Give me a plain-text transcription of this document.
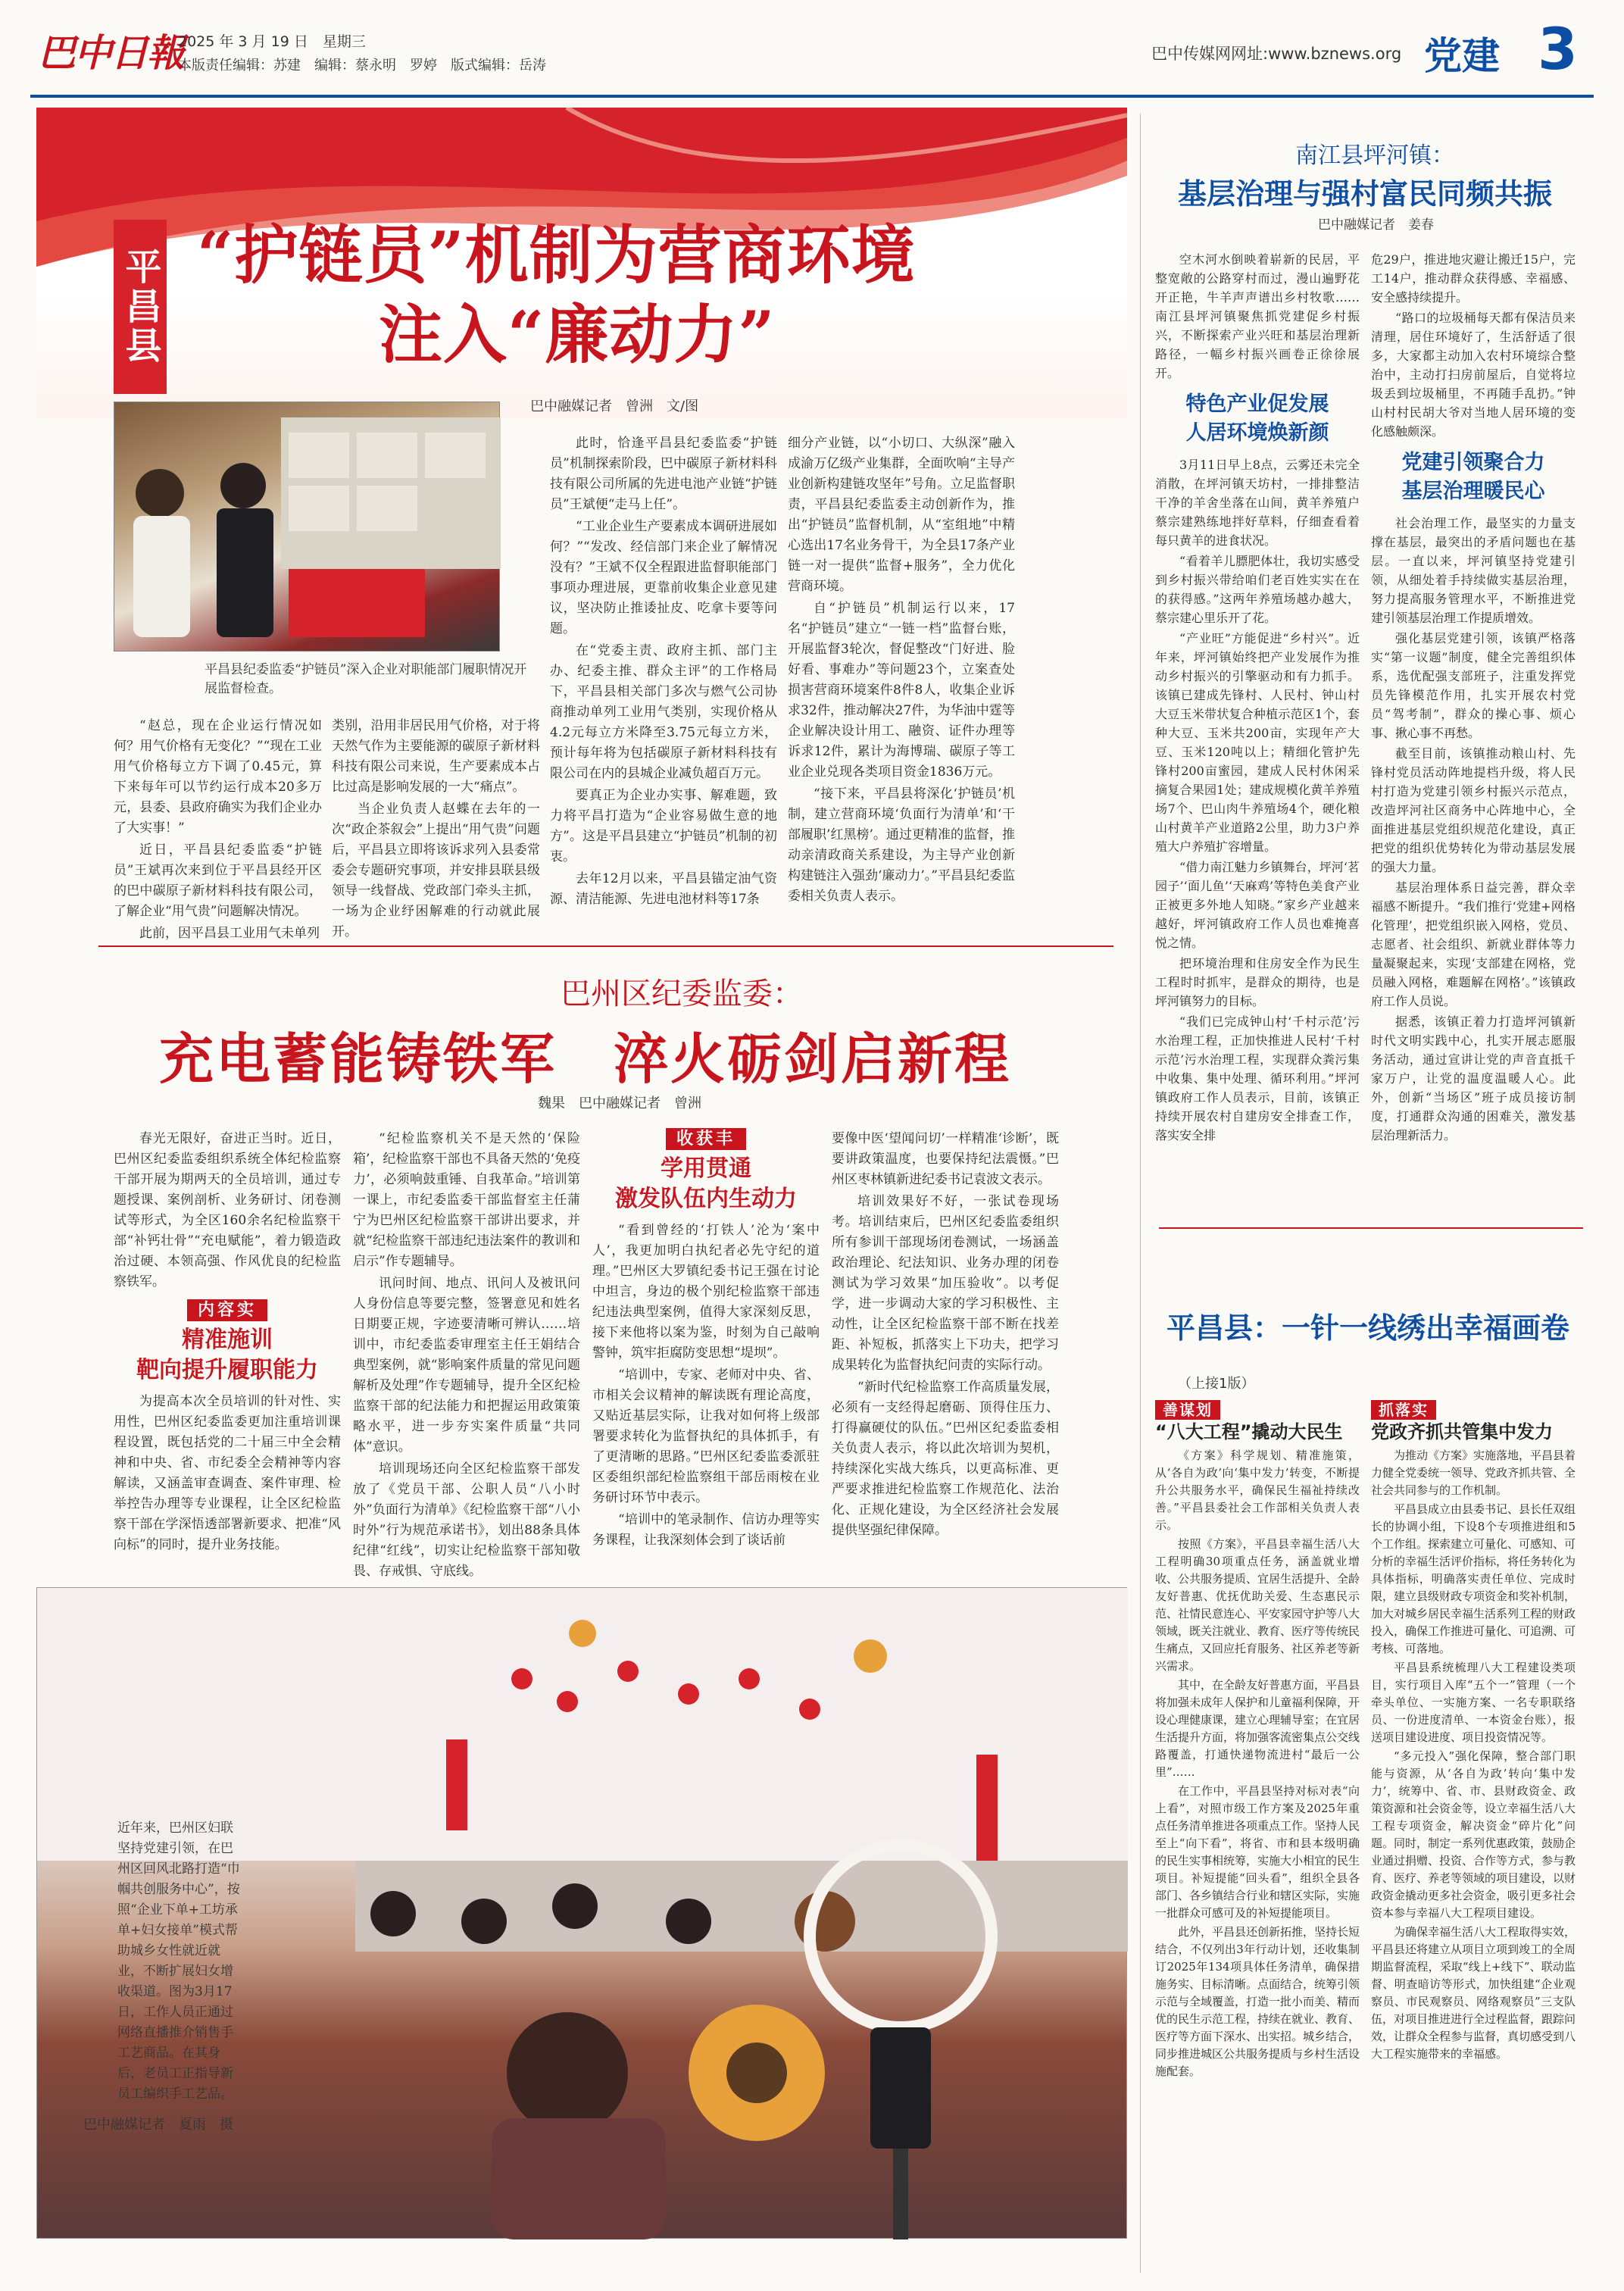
巴中日報
2025 年 3 月 19 日　星期三
本版责任编辑：苏建　编辑：蔡永明　罗婷　版式编辑：岳涛
巴中传媒网网址:www.bznews.org 党建 3
平昌县 “护链员”机制为营商环境
注入“廉动力”
巴中融媒记者　曾洲　文/图
平昌县纪委监委“护链员”深入企业对职能部门履职情况开展监督检查。

“赵总，现在企业运行情况如何？用气价格有无变化？”“现在工业用气价格每立方下调了0.45元，算下来每年可以节约运行成本20多万元，县委、县政府确实为我们企业办了大实事！”

近日，平昌县纪委监委“护链员”王斌再次来到位于平昌县经开区的巴中碳原子新材料科技有限公司，了解企业“用气贵”问题解决情况。

此前，因平昌县工业用气未单列

类别，沿用非居民用气价格，对于将天然气作为主要能源的碳原子新材料科技有限公司来说，生产要素成本占比过高是影响发展的一大“痛点”。

当企业负责人赵蝶在去年的一次“政企茶叙会”上提出“用气贵”问题后，平昌县立即将该诉求列入县委常委会专题研究事项，并安排县联县级领导一线督战、党政部门牵头主抓，一场为企业纾困解难的行动就此展开。

此时，恰逢平昌县纪委监委“护链员”机制探索阶段，巴中碳原子新材料科技有限公司所属的先进电池产业链“护链员”王斌便“走马上任”。

“工业企业生产要素成本调研进展如何？”“发改、经信部门来企业了解情况没有？”王斌不仅全程跟进监督职能部门事项办理进展，更靠前收集企业意见建议，坚决防止推诿扯皮、吃拿卡要等问题。

在“党委主责、政府主抓、部门主办、纪委主推、群众主评”的工作格局下，平昌县相关部门多次与燃气公司协商推动单列工业用气类别，实现价格从4.2元每立方米降至3.75元每立方米，预计每年将为包括碳原子新材料科技有限公司在内的县城企业减负超百万元。

要真正为企业办实事、解难题，致力将平昌打造为“企业容易做生意的地方”。这是平昌县建立“护链员”机制的初衷。

去年12月以来，平昌县锚定油气资源、清洁能源、先进电池材料等17条

细分产业链，以“小切口、大纵深”融入成渝万亿级产业集群，全面吹响“主导产业创新构建链攻坚年”号角。立足监督职责，平昌县纪委监委主动创新作为，推出“护链员”监督机制，从“室组地”中精心选出17名业务骨干，为全县17条产业链一对一提供“监督+服务”，全力优化营商环境。

自“护链员”机制运行以来，17名“护链员”建立“一链一档”监督台账，开展监督3轮次，督促整改“门好进、脸好看、事难办”等问题23个，立案查处损害营商环境案件8件8人，收集企业诉求32件，推动解决27件，为华油中霆等企业解决设计用工、融资、证件办理等诉求12件，累计为海博瑞、碳原子等工业企业兑现各类项目资金1836万元。

“接下来，平昌县将深化‘护链员’机制，建立营商环境‘负面行为清单’和‘干部履职’红黑榜’。通过更精准的监督，推动亲清政商关系建设，为主导产业创新构建链注入强劲‘廉动力’。”平昌县纪委监委相关负责人表示。

巴州区纪委监委：
充电蓄能铸铁军　淬火砺剑启新程
魏果　巴中融媒记者　曾洲

春光无限好，奋进正当时。近日，巴州区纪委监委组织系统全体纪检监察干部开展为期两天的全员培训，通过专题授课、案例剖析、业务研讨、闭卷测试等形式，为全区160余名纪检监察干部“补钙壮骨”“充电赋能”，着力锻造政治过硬、本领高强、作风优良的纪检监察铁军。

内容实
精准施训
靶向提升履职能力

为提高本次全员培训的针对性、实用性，巴州区纪委监委更加注重培训课程设置，既包括党的二十届三中全会精神和中央、省、市纪委全会精神等内容解读，又涵盖审查调查、案件审理、检举控告办理等专业课程，让全区纪检监察干部在学深悟透部署新要求、把准“风向标”的同时，提升业务技能。

“纪检监察机关不是天然的‘保险箱’，纪检监察干部也不具备天然的‘免疫力’，必须响鼓重锤、自我革命。”培训第一课上，市纪委监委干部监督室主任蒲宁为巴州区纪检监察干部讲出要求，并就“纪检监察干部违纪违法案件的教训和启示”作专题辅导。

讯问时间、地点、讯问人及被讯问人身份信息等要完整，签署意见和姓名日期要正规，字迹要清晰可辨认……培训中，市纪委监委审理室主任王娟结合典型案例，就“影响案件质量的常见问题解析及处理”作专题辅导，提升全区纪检监察干部的纪法能力和把握运用政策策略水平，进一步夯实案件质量“共同体”意识。

培训现场还向全区纪检监察干部发放了《党员干部、公职人员“八小时外”负面行为清单》《纪检监察干部“八小时外”行为规范承诺书》，划出88条具体纪律“红线”，切实让纪检监察干部知敬畏、存戒惧、守底线。

收获丰
学用贯通
激发队伍内生动力

“看到曾经的‘打铁人’沦为‘案中人’，我更加明白执纪者必先守纪的道理。”巴州区大罗镇纪委书记王强在讨论中坦言，身边的极个别纪检监察干部违纪违法典型案例，值得大家深刻反思，接下来他将以案为鉴，时刻为自己敲响警钟，筑牢拒腐防变思想“堤坝”。

“培训中，专家、老师对中央、省、市相关会议精神的解读既有理论高度，又贴近基层实际，让我对如何将上级部署要求转化为监督执纪的具体抓手，有了更清晰的思路。”巴州区纪委监委派驻区委组织部纪检监察组干部岳雨桉在业务研讨环节中表示。

“培训中的笔录制作、信访办理等实务课程，让我深刻体会到了谈话前

要像中医‘望闻问切’一样精准‘诊断’，既要讲政策温度，也要保持纪法震慑。”巴州区枣林镇新进纪委书记袁波文表示。

培训效果好不好，一张试卷现场考。培训结束后，巴州区纪委监委组织所有参训干部现场闭卷测试，一场涵盖政治理论、纪法知识、业务办理的闭卷测试为学习效果“加压验收”。以考促学，进一步调动大家的学习积极性、主动性，让全区纪检监察干部不断在找差距、补短板，抓落实上下功夫，把学习成果转化为监督执纪问责的实际行动。

“新时代纪检监察工作高质量发展，必须有一支经得起磨砺、顶得住压力、打得赢硬仗的队伍。”巴州区纪委监委相关负责人表示，将以此次培训为契机，持续深化实战大练兵，以更高标准、更严要求推进纪检监察工作规范化、法治化、正规化建设，为全区经济社会发展提供坚强纪律保障。

近年来，巴州区妇联坚持党建引领，在巴州区回风北路打造“巾帼共创服务中心”，按照“企业下单+工坊承单+妇女接单”模式帮助城乡女性就近就业，不断扩展妇女增收渠道。图为3月17日，工作人员正通过网络直播推介销售手工艺商品。在其身后，老员工正指导新员工编织手工艺品。
巴中融媒记者　夏雨　摄
南江县坪河镇：
基层治理与强村富民同频共振
巴中融媒记者　姜春

空木河水倒映着崭新的民居，平整宽敞的公路穿村而过，漫山遍野花开正艳，牛羊声声谱出乡村牧歌……南江县坪河镇聚焦抓党建促乡村振兴，不断探索产业兴旺和基层治理新路径，一幅乡村振兴画卷正徐徐展开。

特色产业促发展
人居环境焕新颜

3月11日早上8点，云雾还未完全消散，在坪河镇天坊村，一排排整洁干净的羊舍坐落在山间，黄羊养殖户蔡宗建熟练地拌好草料，仔细查看着每只黄羊的进食状况。

“看着羊儿膘肥体壮，我切实感受到乡村振兴带给咱们老百姓实实在在的获得感。”这两年养殖场越办越大，蔡宗建心里乐开了花。

“产业旺”方能促进“乡村兴”。近年来，坪河镇始终把产业发展作为推动乡村振兴的引擎驱动和有力抓手。该镇已建成先锋村、人民村、钟山村大豆玉米带状复合种植示范区1个，套种大豆、玉米共200亩，实现年产大豆、玉米120吨以上；精细化管护先锋村200亩蜜园，建成人民村休闲采摘复合果园1处；建成规模化黄羊养殖场7个、巴山肉牛养殖场4个，硬化粮山村黄羊产业道路2公里，助力3户养殖大户养殖扩容增量。

“借力南江魅力乡镇舞台，坪河‘茗园子’‘面儿鱼’‘天麻鸡’等特色美食产业正被更多外地人知晓。”家乡产业越来越好，坪河镇政府工作人员也难掩喜悦之情。

把环境治理和住房安全作为民生工程时时抓牢，是群众的期待，也是坪河镇努力的目标。

“我们已完成钟山村‘千村示范’污水治理工程，正加快推进人民村‘千村示范’污水治理工程，实现群众粪污集中收集、集中处理、循环利用。”坪河镇政府工作人员表示，目前，该镇正持续开展农村自建房安全排查工作，落实安全排

危29户，推进地灾避让搬迁15户，完工14户，推动群众获得感、幸福感、安全感持续提升。

“路口的垃圾桶每天都有保洁员来清理，居住环境好了，生活舒适了很多，大家都主动加入农村环境综合整治中，主动打扫房前屋后，自觉将垃圾丢到垃圾桶里，不再随手乱扔。”钟山村村民胡大爷对当地人居环境的变化感触颇深。

党建引领聚合力
基层治理暖民心

社会治理工作，最坚实的力量支撑在基层，最突出的矛盾问题也在基层。一直以来，坪河镇坚持党建引领，从细处着手持续做实基层治理，努力提高服务管理水平，不断推进党建引领基层治理工作提质增效。

强化基层党建引领，该镇严格落实“第一议题”制度，健全完善组织体系，选优配强支部班子，注重发挥党员先锋模范作用，扎实开展农村党员“驾考制”，群众的操心事、烦心事、揪心事不再愁。

截至目前，该镇推动粮山村、先锋村党员活动阵地提档升级，将人民村打造为党建引领乡村振兴示范点，改造坪河社区商务中心阵地中心，全面推进基层党组织规范化建设，真正把党的组织优势转化为带动基层发展的强大力量。

基层治理体系日益完善，群众幸福感不断提升。“我们推行‘党建+网格化管理’，把党组织嵌入网格，党员、志愿者、社会组织、新就业群体等力量凝聚起来，实现‘支部建在网格，党员融入网格，难题解在网格’。”该镇政府工作人员说。

据悉，该镇正着力打造坪河镇新时代文明实践中心，扎实开展志愿服务活动，通过宣讲让党的声音直抵千家万户，让党的温度温暖人心。此外，创新“当场区”班子成员接访制度，打通群众沟通的困难关，激发基层治理新活力。

平昌县：一针一线绣出幸福画卷
（上接1版）
善谋划
“八大工程”撬动大民生

《方案》科学规划、精准施策，从‘各自为政’向‘集中发力’转变，不断提升公共服务水平，确保民生福祉持续改善。”平昌县委社会工作部相关负责人表示。

按照《方案》，平昌县幸福生活八大工程明确30项重点任务，涵盖就业增收、公共服务提质、宜居生活提升、全龄友好普惠、优抚优助关爱、生态惠民示范、社情民意连心、平安家园守护等八大领域，既关注就业、教育、医疗等传统民生痛点，又回应托育服务、社区养老等新兴需求。

其中，在全龄友好普惠方面，平昌县将加强未成年人保护和儿童福利保障，开设心理健康课，建立心理辅导室；在宜居生活提升方面，将加强客流密集点公交线路覆盖，打通快递物流进村“最后一公里”……

在工作中，平昌县坚持对标对表“向上看”，对照市级工作方案及2025年重点任务清单推进各项重点工作。坚持人民至上“向下看”，将省、市和县本级明确的民生实事相统筹，实施大小相宜的民生项目。补短提能“回头看”，组织全县各部门、各乡镇结合行业和辖区实际，实施一批群众可感可及的补短提能项目。

此外，平昌县还创新拓推，坚持长短结合，不仅列出3年行动计划，还收集制订2025年134项具体任务清单，确保措施务实、目标清晰。点面结合，统筹引领示范与全域覆盖，打造一批小而美、精而优的民生示范工程，持续在就业、教育、医疗等方面下深水、出实招。城乡结合，同步推进城区公共服务提质与乡村生活设施配套。

抓落实
党政齐抓共管集中发力

为推动《方案》实施落地，平昌县着力健全党委统一领导、党政齐抓共管、全社会共同参与的工作机制。

平昌县成立由县委书记、县长任双组长的协调小组，下设8个专项推进组和5个工作组。探索建立可量化、可感知、可分析的幸福生活评价指标，将任务转化为具体指标，明确落实责任单位、完成时限，建立县级财政专项资金和奖补机制，加大对城乡居民幸福生活系列工程的财政投入，确保工作推进可量化、可追溯、可考核、可落地。

平昌县系统梳理八大工程建设类项目，实行项目入库“五个一”管理（一个牵头单位、一实施方案、一名专职联络员、一份进度清单、一本资金台账），报送项目建设进度、项目投资情况等。

“多元投入”强化保障，整合部门职能与资源，从‘各自为政’转向‘集中发力’，统筹中、省、市、县财政资金、政策资源和社会资金等，设立幸福生活八大工程专项资金，解决资金“碎片化”问题。同时，制定一系列优惠政策，鼓励企业通过捐赠、投资、合作等方式，参与教育、医疗、养老等领域的项目建设，以财政资金撬动更多社会资金，吸引更多社会资本参与幸福八大工程项目建设。

为确保幸福生活八大工程取得实效，平昌县还将建立从项目立项到竣工的全周期监督流程，采取“线上+线下”、联动监督、明查暗访等形式，加快组建“企业观察员、市民观察员、网络观察员”三支队伍，对项目推进进行全过程监督，跟踪问效，让群众全程参与监督，真切感受到八大工程实施带来的幸福感。
